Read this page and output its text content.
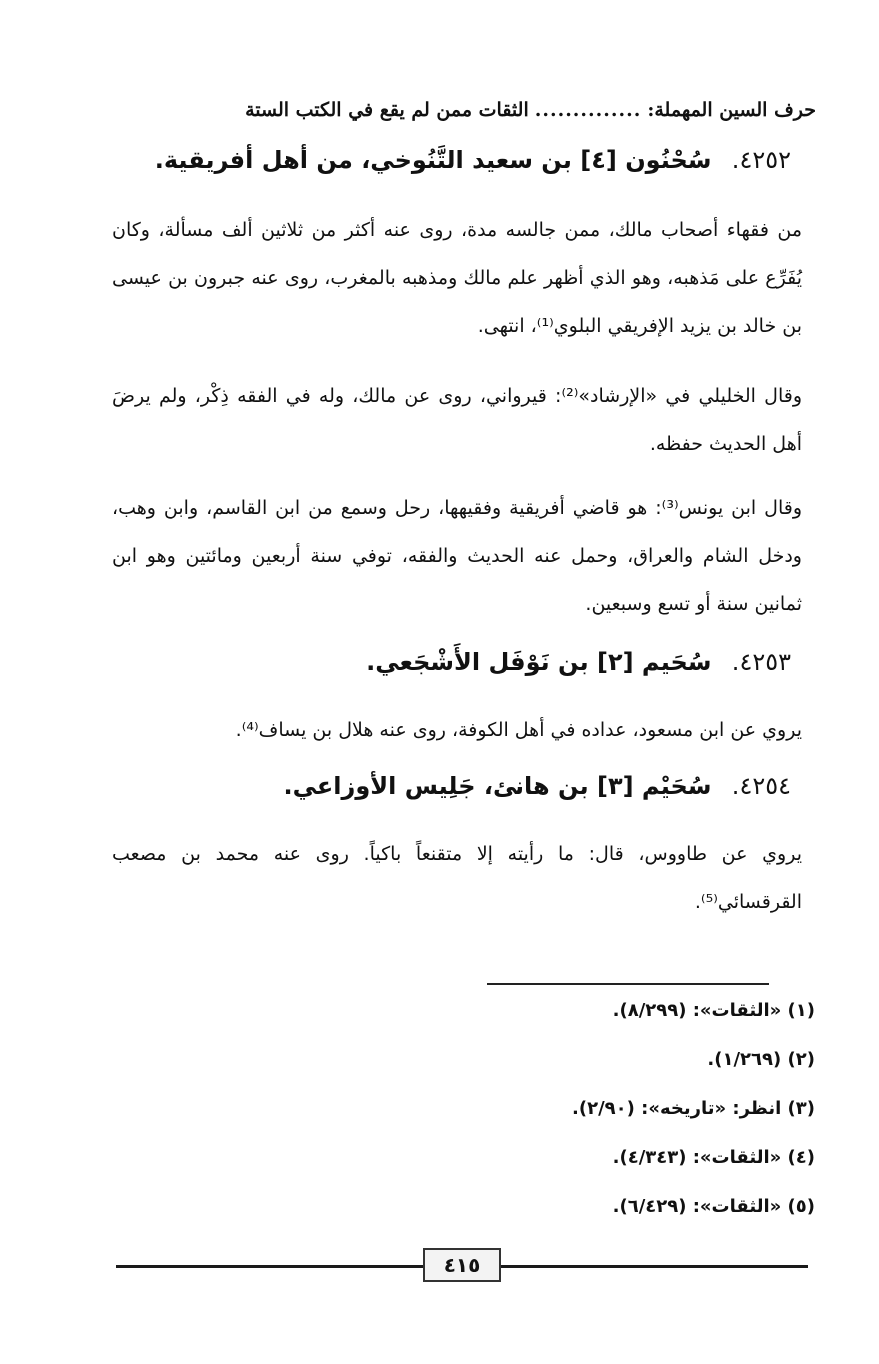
حرف السين المهملة:
..............
الثقات ممن لم يقع في الكتب الستة
٤٢٥٢. سُحْنُون [٤] بن سعيد التَّنُوخي، من أهل أفريقية.

من فقهاء أصحاب مالك، ممن جالسه مدة، روى عنه أكثر من ثلاثين ألف مسألة، وكان يُفَرِّع على مَذهبه، وهو الذي أظهر علم مالك ومذهبه بالمغرب، روى عنه جبرون بن عيسى بن خالد بن يزيد الإفريقي البلوي⁽¹⁾، انتهى.

وقال الخليلي في «الإرشاد»⁽²⁾: قيرواني، روى عن مالك، وله في الفقه ذِكْر، ولم يرضَ أهل الحديث حفظه.

وقال ابن يونس⁽³⁾: هو قاضي أفريقية وفقيهها، رحل وسمع من ابن القاسم، وابن وهب، ودخل الشام والعراق، وحمل عنه الحديث والفقه، توفي سنة أربعين ومائتين وهو ابن ثمانين سنة أو تسع وسبعين.

٤٢٥٣. سُحَيم [٢] بن نَوْفَل الأَشْجَعي.

يروي عن ابن مسعود، عداده في أهل الكوفة، روى عنه هلال بن يساف⁽⁴⁾.

٤٢٥٤. سُحَيْم [٣] بن هانئ، جَلِيس الأوزاعي.

يروي عن طاووس، قال: ما رأيته إلا متقنعاً باكياً. روى عنه محمد بن مصعب القرقسائي⁽⁵⁾.

(١) «الثقات»: (٨/٢٩٩).
(٢) (١/٢٦٩).
(٣) انظر: «تاريخه»: (٢/٩٠).
(٤) «الثقات»: (٤/٣٤٣).
(٥) «الثقات»: (٦/٤٢٩).
٤١٥
